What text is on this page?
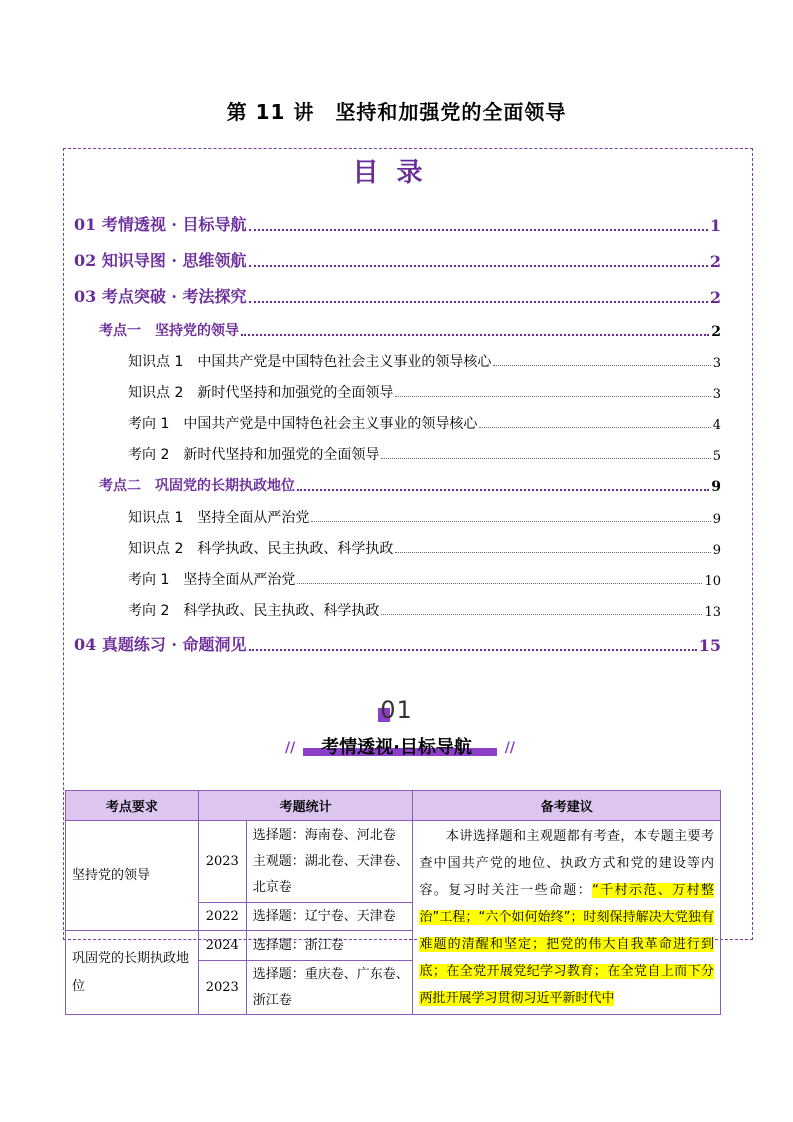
第 11 讲　坚持和加强党的全面领导
目录
01 考情透视 · 目标导航	1
02 知识导图 · 思维领航	2
03 考点突破 · 考法探究	2
考点一　坚持党的领导	2
知识点 1　中国共产党是中国特色社会主义事业的领导核心	3
知识点 2　新时代坚持和加强党的全面领导	3
考向 1　中国共产党是中国特色社会主义事业的领导核心	4
考向 2　新时代坚持和加强党的全面领导	5
考点二　巩固党的长期执政地位	9
知识点 1　坚持全面从严治党	9
知识点 2　科学执政、民主执政、科学执政	9
考向 1　坚持全面从严治党	10
考向 2　科学执政、民主执政、科学执政	13
04 真题练习 · 命题洞见	15
01
//	//
考情透视·目标导航
考点要求	考题统计		备考建议
坚持党的领导	2023	选择题：海南卷、河北卷 主观题：湖北卷、天津卷、北京卷	本讲选择题和主观题都有考查，本专题主要考查中国共产党的地位、执政方式和党的建设等内容。复习时关注一些命题：“千村示范、万村整治”工程；“六个如何始终”；时刻保持解决大党独有难题的清醒和坚定；把党的伟大自我革命进行到底；在全党开展党纪学习教育；在全党自上而下分两批开展学习贯彻习近平新时代中
	2022	选择题：辽宁卷、天津卷	
巩固党的长期执政地位	2024	选择题：浙江卷	
	2023	选择题：重庆卷、广东卷、浙江卷	
